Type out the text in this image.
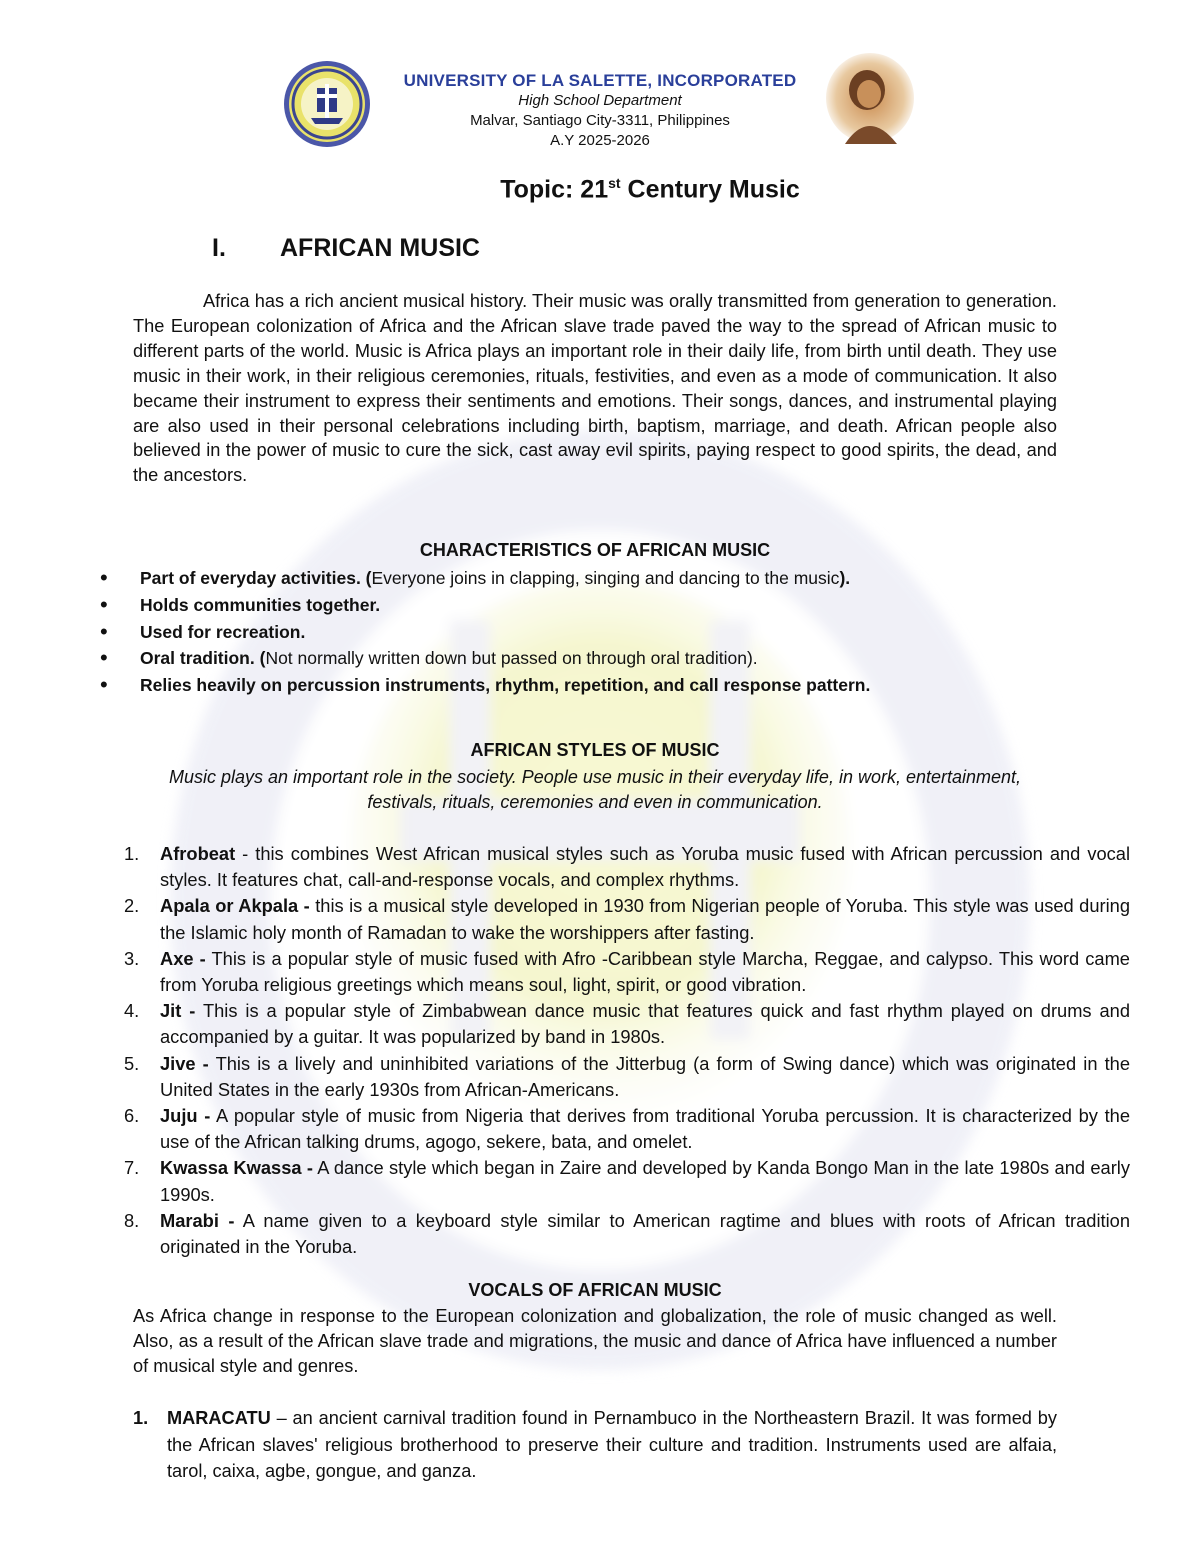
UNIVERSITY OF LA SALETTE, INCORPORATED
High School Department
Malvar, Santiago City-3311, Philippines
A.Y 2025-2026
Topic: 21st Century Music
I. AFRICAN MUSIC

Africa has a rich ancient musical history. Their music was orally transmitted from generation to generation. The European colonization of Africa and the African slave trade paved the way to the spread of African music to different parts of the world. Music is Africa plays an important role in their daily life, from birth until death. They use music in their work, in their religious ceremonies, rituals, festivities, and even as a mode of communication. It also became their instrument to express their sentiments and emotions. Their songs, dances, and instrumental playing are also used in their personal celebrations including birth, baptism, marriage, and death. African people also believed in the power of music to cure the sick, cast away evil spirits, paying respect to good spirits, the dead, and the ancestors.

CHARACTERISTICS OF AFRICAN MUSIC
• Part of everyday activities. (Everyone joins in clapping, singing and dancing to the music).
• Holds communities together.
• Used for recreation.
• Oral tradition. (Not normally written down but passed on through oral tradition).
• Relies heavily on percussion instruments, rhythm, repetition, and call response pattern.
AFRICAN STYLES OF MUSIC
Music plays an important role in the society. People use music in their everyday life, in work, entertainment, festivals, rituals, ceremonies and even in communication.
1. Afrobeat - this combines West African musical styles such as Yoruba music fused with African percussion and vocal styles. It features chat, call-and-response vocals, and complex rhythms.
2. Apala or Akpala - this is a musical style developed in 1930 from Nigerian people of Yoruba. This style was used during the Islamic holy month of Ramadan to wake the worshippers after fasting.
3. Axe - This is a popular style of music fused with Afro -Caribbean style Marcha, Reggae, and calypso. This word came from Yoruba religious greetings which means soul, light, spirit, or good vibration.
4. Jit - This is a popular style of Zimbabwean dance music that features quick and fast rhythm played on drums and accompanied by a guitar. It was popularized by band in 1980s.
5. Jive - This is a lively and uninhibited variations of the Jitterbug (a form of Swing dance) which was originated in the United States in the early 1930s from African-Americans.
6. Juju - A popular style of music from Nigeria that derives from traditional Yoruba percussion. It is characterized by the use of the African talking drums, agogo, sekere, bata, and omelet.
7. Kwassa Kwassa - A dance style which began in Zaire and developed by Kanda Bongo Man in the late 1980s and early 1990s.
8. Marabi - A name given to a keyboard style similar to American ragtime and blues with roots of African tradition originated in the Yoruba.
VOCALS OF AFRICAN MUSIC

As Africa change in response to the European colonization and globalization, the role of music changed as well. Also, as a result of the African slave trade and migrations, the music and dance of Africa have influenced a number of musical style and genres.

1. MARACATU – an ancient carnival tradition found in Pernambuco in the Northeastern Brazil. It was formed by the African slaves' religious brotherhood to preserve their culture and tradition. Instruments used are alfaia, tarol, caixa, agbe, gongue, and ganza.
